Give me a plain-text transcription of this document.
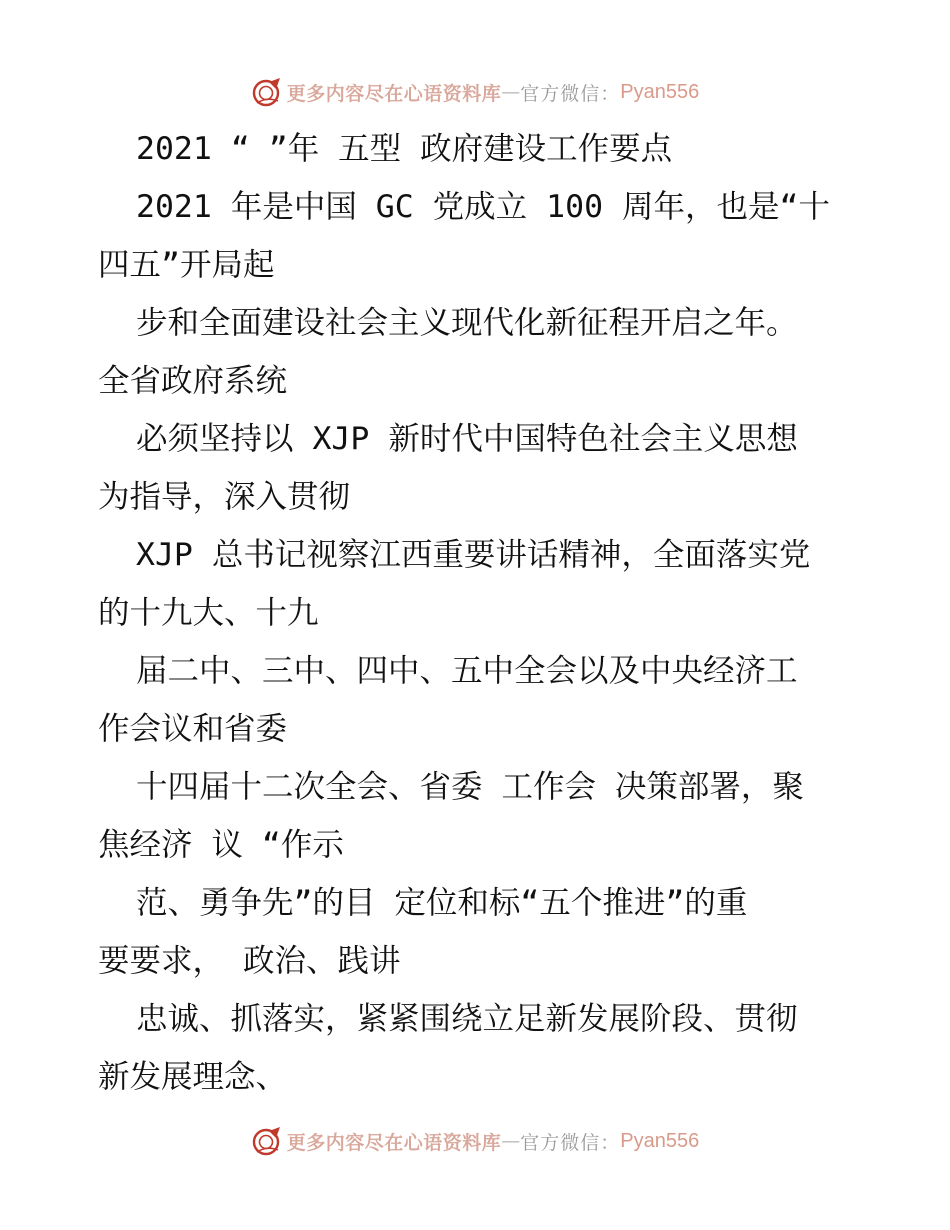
更多内容尽在心语资料库 — 官方微信： Pyan556
2021 “ ”年 五型 政府建设工作要点
2021 年是中国 GC 党成立 100 周年，也是“十
四五”开局起
步和全面建设社会主义现代化新征程开启之年。
全省政府系统
必须坚持以 XJP 新时代中国特色社会主义思想
为指导，深入贯彻
XJP 总书记视察江西重要讲话精神，全面落实党
的十九大、十九
届二中、三中、四中、五中全会以及中央经济工
作会议和省委
十四届十二次全会、省委 工作会 决策部署，聚
焦经济 议 “作示
范、勇争先”的目 定位和标“五个推进”的重
要要求， 政治、践讲
忠诚、抓落实，紧紧围绕立足新发展阶段、贯彻
新发展理念、
更多内容尽在心语资料库 — 官方微信： Pyan556
